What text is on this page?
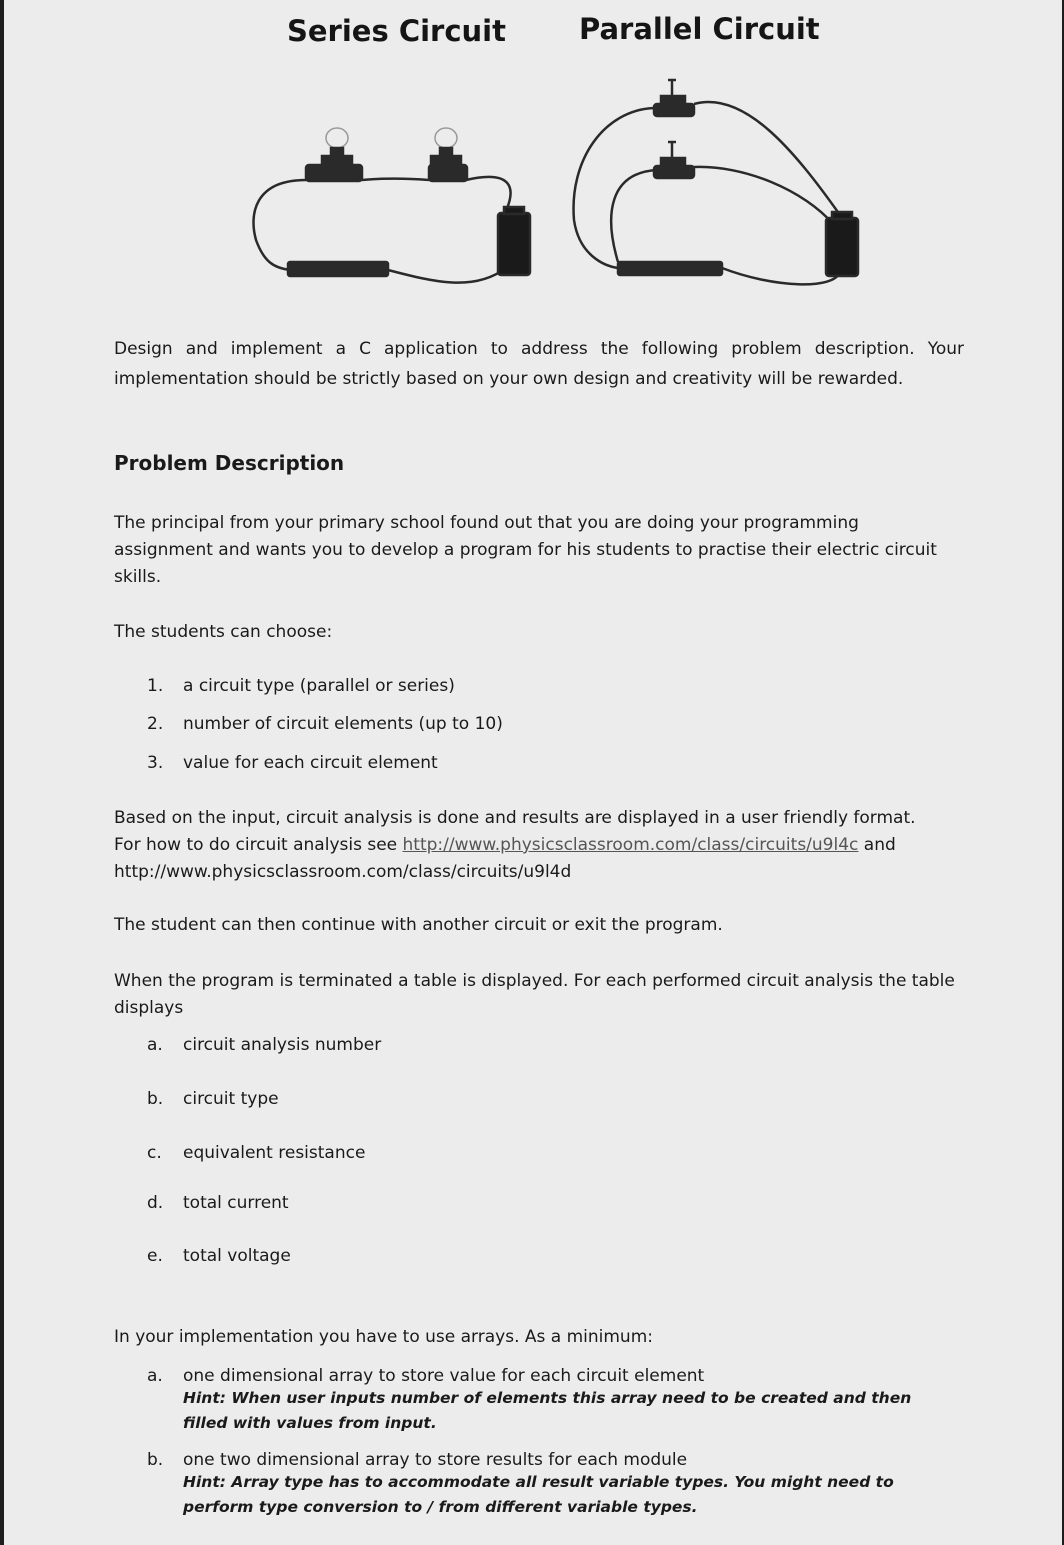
Series Circuit	Parallel Circuit
Design and implement a C application to address the following problem description. Your implementation should be strictly based on your own design and creativity will be rewarded.
Problem Description
The principal from your primary school found out that you are doing your programming assignment and wants you to develop a program for his students to practise their electric circuit skills.
The students can choose:
1. a circuit type (parallel or series)
2. number of circuit elements (up to 10)
3. value for each circuit element
Based on the input, circuit analysis is done and results are displayed in a user friendly format.
For how to do circuit analysis see http://www.physicsclassroom.com/class/circuits/u9l4c and
http://www.physicsclassroom.com/class/circuits/u9l4d
The student can then continue with another circuit or exit the program.
When the program is terminated a table is displayed. For each performed circuit analysis the table displays
a. circuit analysis number
b. circuit type
c. equivalent resistance
d. total current
e. total voltage
In your implementation you have to use arrays. As a minimum:
a. one dimensional array to store value for each circuit element
Hint: When user inputs number of elements this array need to be created and then filled with values from input.
b. one two dimensional array to store results for each module
Hint: Array type has to accommodate all result variable types. You might need to perform type conversion to / from different variable types.
